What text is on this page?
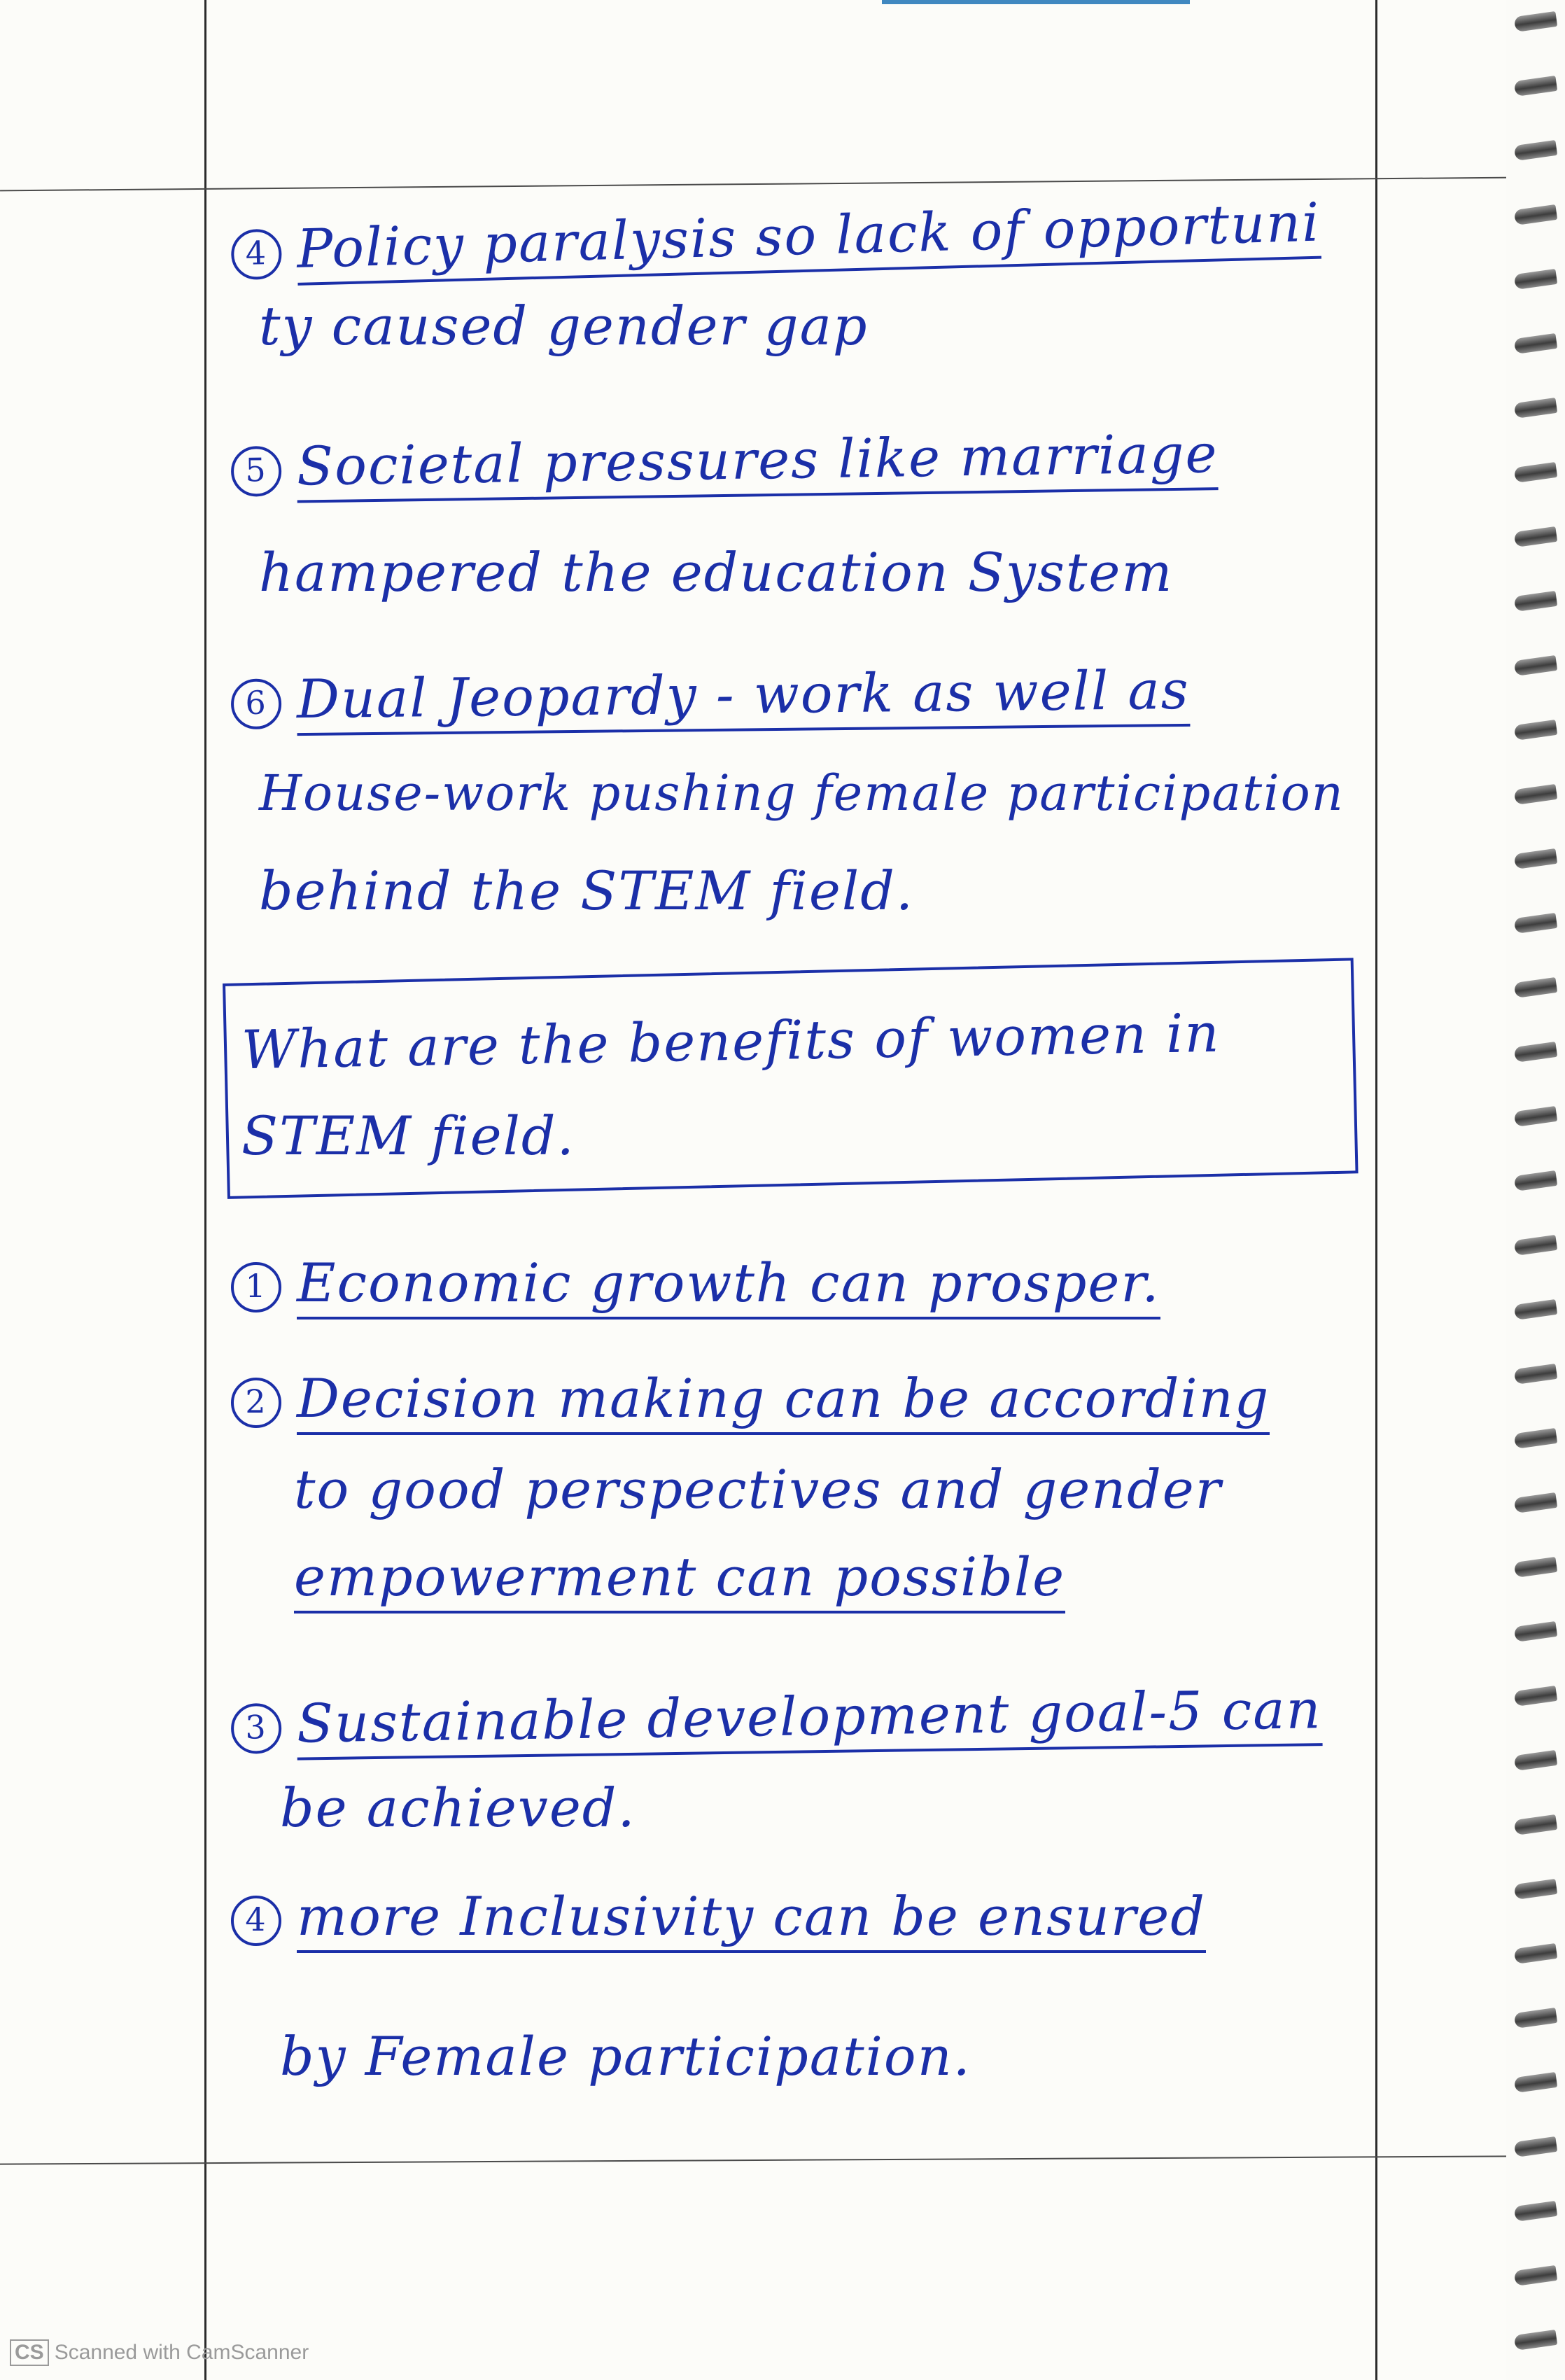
4 Policy paralysis so lack of opportuni
ty caused gender gap
5 Societal pressures like marriage
hampered the education System
6 Dual Jeopardy - work as well as
House-work pushing female participation
behind the STEM field.
What are the benefits of women in
STEM field.
1 Economic growth can prosper.
2 Decision making can be according
to good perspectives and gender
empowerment can possible
3 Sustainable development goal-5 can
be achieved.
4 more Inclusivity can be ensured
by Female participation.
CS Scanned with CamScanner
